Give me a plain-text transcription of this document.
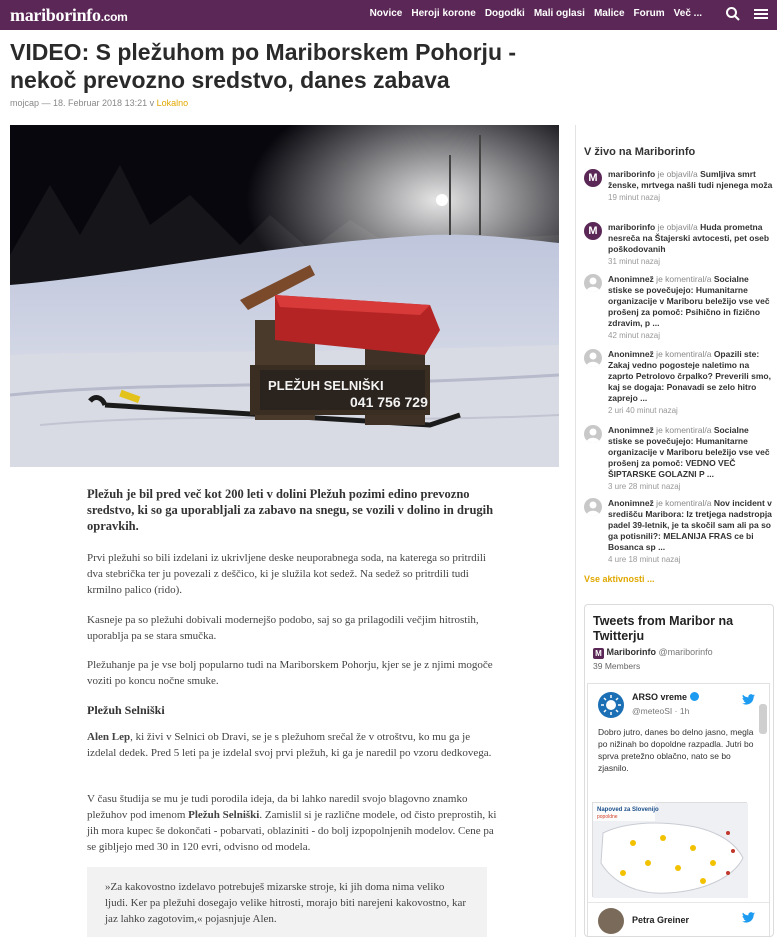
mariborinfo.com	Novice Heroji korone Dogodki Mali oglasi Malice Forum Več ...
VIDEO: S pležuhom po Mariborskem Pohorju - nekoč prevozno sredstvo, danes zabava
mojcap — 18. Februar 2018 13:21 v Lokalno
PLEŽUH SELNIŠKI
041 756 729

Pležuh je bil pred več kot 200 leti v dolini Pležuh pozimi edino prevozno sredstvo, ki so ga uporabljali za zabavo na snegu, se vozili v dolino in drugih opravkih.

Prvi pležuhi so bili izdelani iz ukrivljene deske neuporabnega soda, na katerega so pritrdili dva stebrička ter ju povezali z deščico, ki je služila kot sedež. Na sedež so pritrdili tudi krmilno palico (rido).

Kasneje pa so pležuhi dobivali modernejšo podobo, saj so ga prilagodili večjim hitrostih, uporablja pa se stara smučka.

Pležuhanje pa je vse bolj popularno tudi na Mariborskem Pohorju, kjer se je z njimi mogoče voziti po koncu nočne smuke.

Pležuh Selniški

Alen Lep, ki živi v Selnici ob Dravi, se je s pležuhom srečal že v otroštvu, ko mu ga je izdelal dedek. Pred 5 leti pa je izdelal svoj prvi pležuh, ki ga je naredil po vzoru dedkovega.

V času študija se mu je tudi porodila ideja, da bi lahko naredil svojo blagovno znamko pležuhov pod imenom Pležuh Selniški. Zamislil si je različne modele, od čisto preprostih, ki jih mora kupec še dokončati - pobarvati, oblaziniti - do bolj izpopolnjenih modelov. Cene pa se gibljejo med 30 in 120 evri, odvisno od modela.

»Za kakovostno izdelavo potrebuješ mizarske stroje, ki jih doma nima veliko ljudi. Ker pa pležuhi dosegajo velike hitrosti, morajo biti narejeni kakovostno, kar jaz lahko zagotovim,« pojasnjuje Alen.
V živo na Mariborinfo
M	mariborinfo je objavil/a Sumljiva smrt ženske, mrtvega našli tudi njenega moža
19 minut nazaj
M	mariborinfo je objavil/a Huda prometna nesreča na Štajerski avtocesti, pet oseb poškodovanih
31 minut nazaj
Anonimnež je komentiral/a Socialne stiske se povečujejo: Humanitarne organizacije v Mariboru beležijo vse več prošenj za pomoč: Psihično in fizično zdravim, p ...
42 minut nazaj
Anonimnež je komentiral/a Opazili ste: Zakaj vedno pogosteje naletimo na zaprto Petrolovo črpalko? Preverili smo, kaj se dogaja: Ponavadi se zelo hitro zaprejo ...
2 uri 40 minut nazaj
Anonimnež je komentiral/a Socialne stiske se povečujejo: Humanitarne organizacije v Mariboru beležijo vse več prošenj za pomoč: VEDNO VEČ ŠIPTARSKE GOLAZNI P ...
3 ure 28 minut nazaj
Anonimnež je komentiral/a Nov incident v središču Maribora: Iz tretjega nadstropja padel 39-letnik, je ta skočil sam ali pa so ga potisnili?: MELANIJA FRAS ce bi Bosanca sp ...
4 ure 18 minut nazaj
Vse aktivnosti ...
Tweets from Maribor na Twitterju
M Mariborinfo @mariborinfo
39 Members
ARSO vreme
@meteoSI · 1h
Dobro jutro, danes bo delno jasno, megla po nižinah bo dopoldne razpadla. Jutri bo sprva pretežno oblačno, nato se bo zjasnilo.
Napoved za Slovenijo
popoldne
Petra Greiner
